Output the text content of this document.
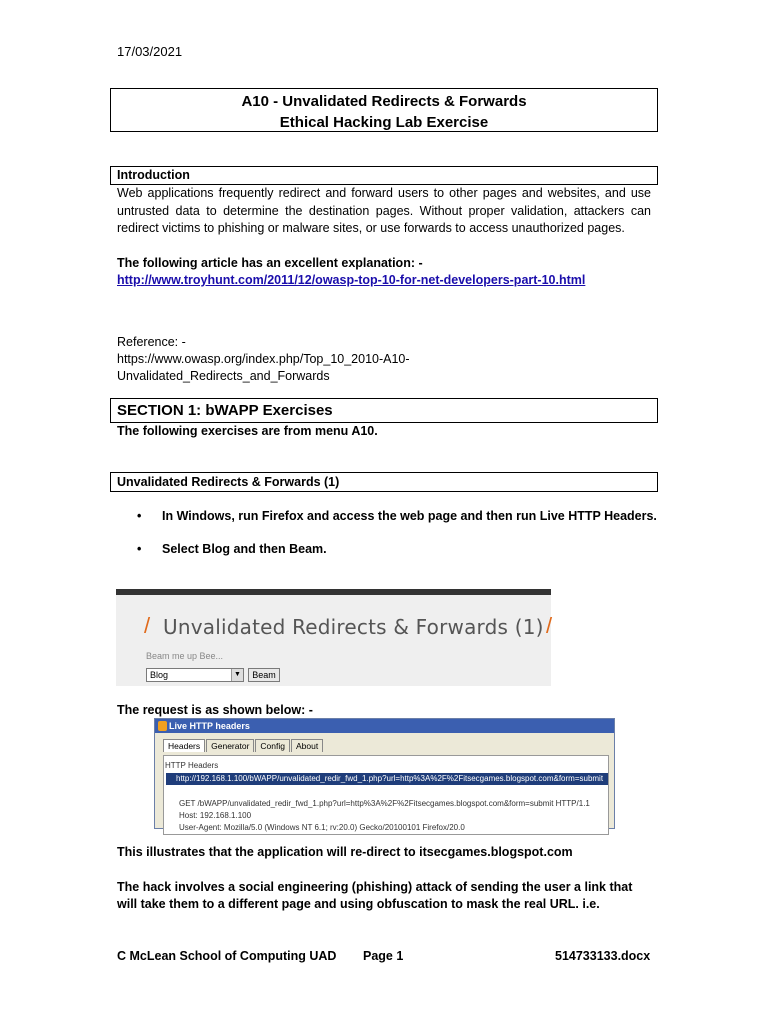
17/03/2021
A10 - Unvalidated Redirects & Forwards
Ethical Hacking Lab Exercise
Introduction
Web applications frequently redirect and forward users to other pages and websites, and use untrusted data to determine the destination pages. Without proper validation, attackers can redirect victims to phishing or malware sites, or use forwards to access unauthorized pages.
The following article has an excellent explanation: -
http://www.troyhunt.com/2011/12/owasp-top-10-for-net-developers-part-10.html
Reference: -
https://www.owasp.org/index.php/Top_10_2010-A10-
Unvalidated_Redirects_and_Forwards
SECTION 1: bWAPP Exercises
The following exercises are from menu A10.
Unvalidated Redirects & Forwards (1)
• In Windows, run Firefox and access the web page and then run Live HTTP Headers.
• Select Blog and then Beam.
/ Unvalidated Redirects & Forwards (1) /
Beam me up Bee...
Blog	▼	Beam
The request is as shown below: -
Live HTTP headers
Headers Generator Config About
HTTP Headers
http://192.168.1.100/bWAPP/unvalidated_redir_fwd_1.php?url=http%3A%2F%2Fitsecgames.blogspot.com&form=submit
GET /bWAPP/unvalidated_redir_fwd_1.php?url=http%3A%2F%2Fitsecgames.blogspot.com&form=submit HTTP/1.1
Host: 192.168.1.100
User-Agent: Mozilla/5.0 (Windows NT 6.1; rv:20.0) Gecko/20100101 Firefox/20.0
This illustrates that the application will re-direct to itsecgames.blogspot.com
The hack involves a social engineering (phishing) attack of sending the user a link that will take them to a different page and using obfuscation to mask the real URL. i.e.
C McLean School of Computing UAD Page 1	514733133.docx
